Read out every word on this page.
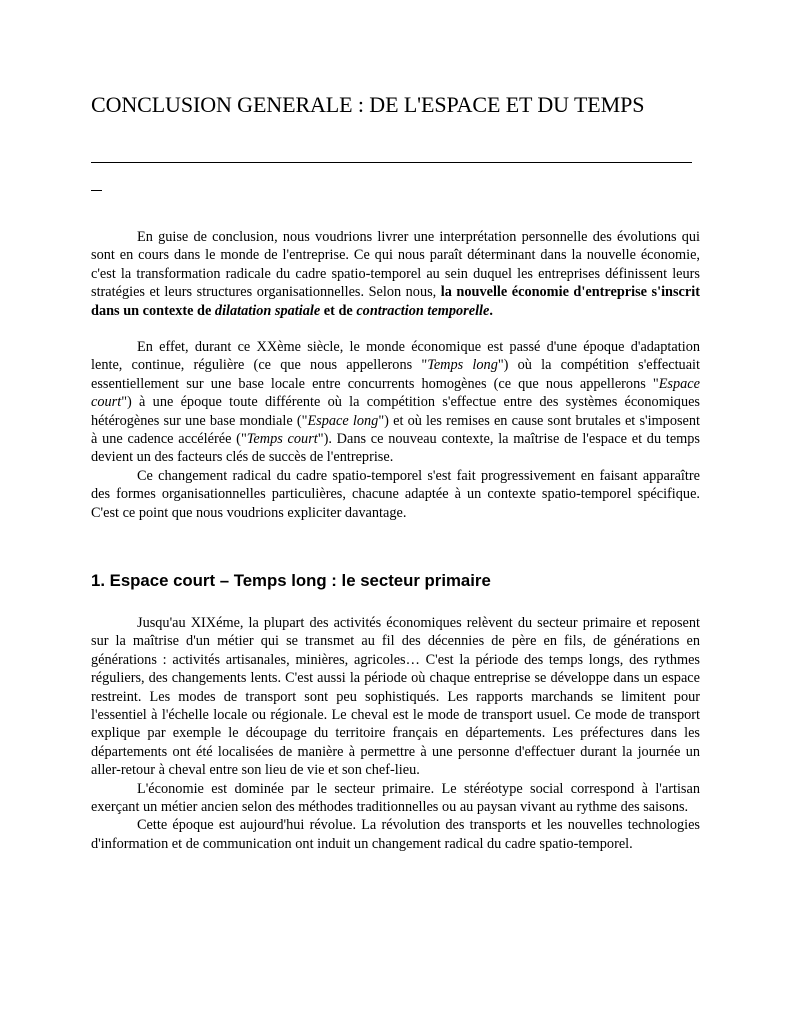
CONCLUSION GENERALE : DE L'ESPACE ET DU TEMPS

En guise de conclusion, nous voudrions livrer une interprétation personnelle des évolutions qui sont en cours dans le monde de l'entreprise. Ce qui nous paraît déterminant dans la nouvelle économie, c'est la transformation radicale du cadre spatio-temporel au sein duquel les entreprises définissent leurs stratégies et leurs structures organisationnelles. Selon nous, la nouvelle économie d'entreprise s'inscrit dans un contexte de dilatation spatiale et de contraction temporelle.

En effet, durant ce XXème siècle, le monde économique est passé d'une époque d'adaptation lente, continue, régulière (ce que nous appellerons "Temps long") où la compétition s'effectuait essentiellement sur une base locale entre concurrents homogènes (ce que nous appellerons "Espace court") à une époque toute différente où la compétition s'effectue entre des systèmes économiques hétérogènes sur une base mondiale ("Espace long") et où les remises en cause sont brutales et s'imposent à une cadence accélérée ("Temps court"). Dans ce nouveau contexte, la maîtrise de l'espace et du temps devient un des facteurs clés de succès de l'entreprise.

Ce changement radical du cadre spatio-temporel s'est fait progressivement en faisant apparaître des formes organisationnelles particulières, chacune adaptée à un contexte spatio-temporel spécifique. C'est ce point que nous voudrions expliciter davantage.

1. Espace court – Temps long : le secteur primaire

Jusqu'au XIXéme, la plupart des activités économiques relèvent du secteur primaire et reposent sur la maîtrise d'un métier qui se transmet au fil des décennies de père en fils, de générations en générations : activités artisanales, minières, agricoles… C'est la période des temps longs, des rythmes réguliers, des changements lents. C'est aussi la période où chaque entreprise se développe dans un espace restreint. Les modes de transport sont peu sophistiqués. Les rapports marchands se limitent pour l'essentiel à l'échelle locale ou régionale. Le cheval est le mode de transport usuel. Ce mode de transport explique par exemple le découpage du territoire français en départements. Les préfectures dans les départements ont été localisées de manière à permettre à une personne d'effectuer durant la journée un aller-retour à cheval entre son lieu de vie et son chef-lieu.

L'économie est dominée par le secteur primaire. Le stéréotype social correspond à l'artisan exerçant un métier ancien selon des méthodes traditionnelles ou au paysan vivant au rythme des saisons.

Cette époque est aujourd'hui révolue. La révolution des transports et les nouvelles technologies d'information et de communication ont induit un changement radical du cadre spatio-temporel.
